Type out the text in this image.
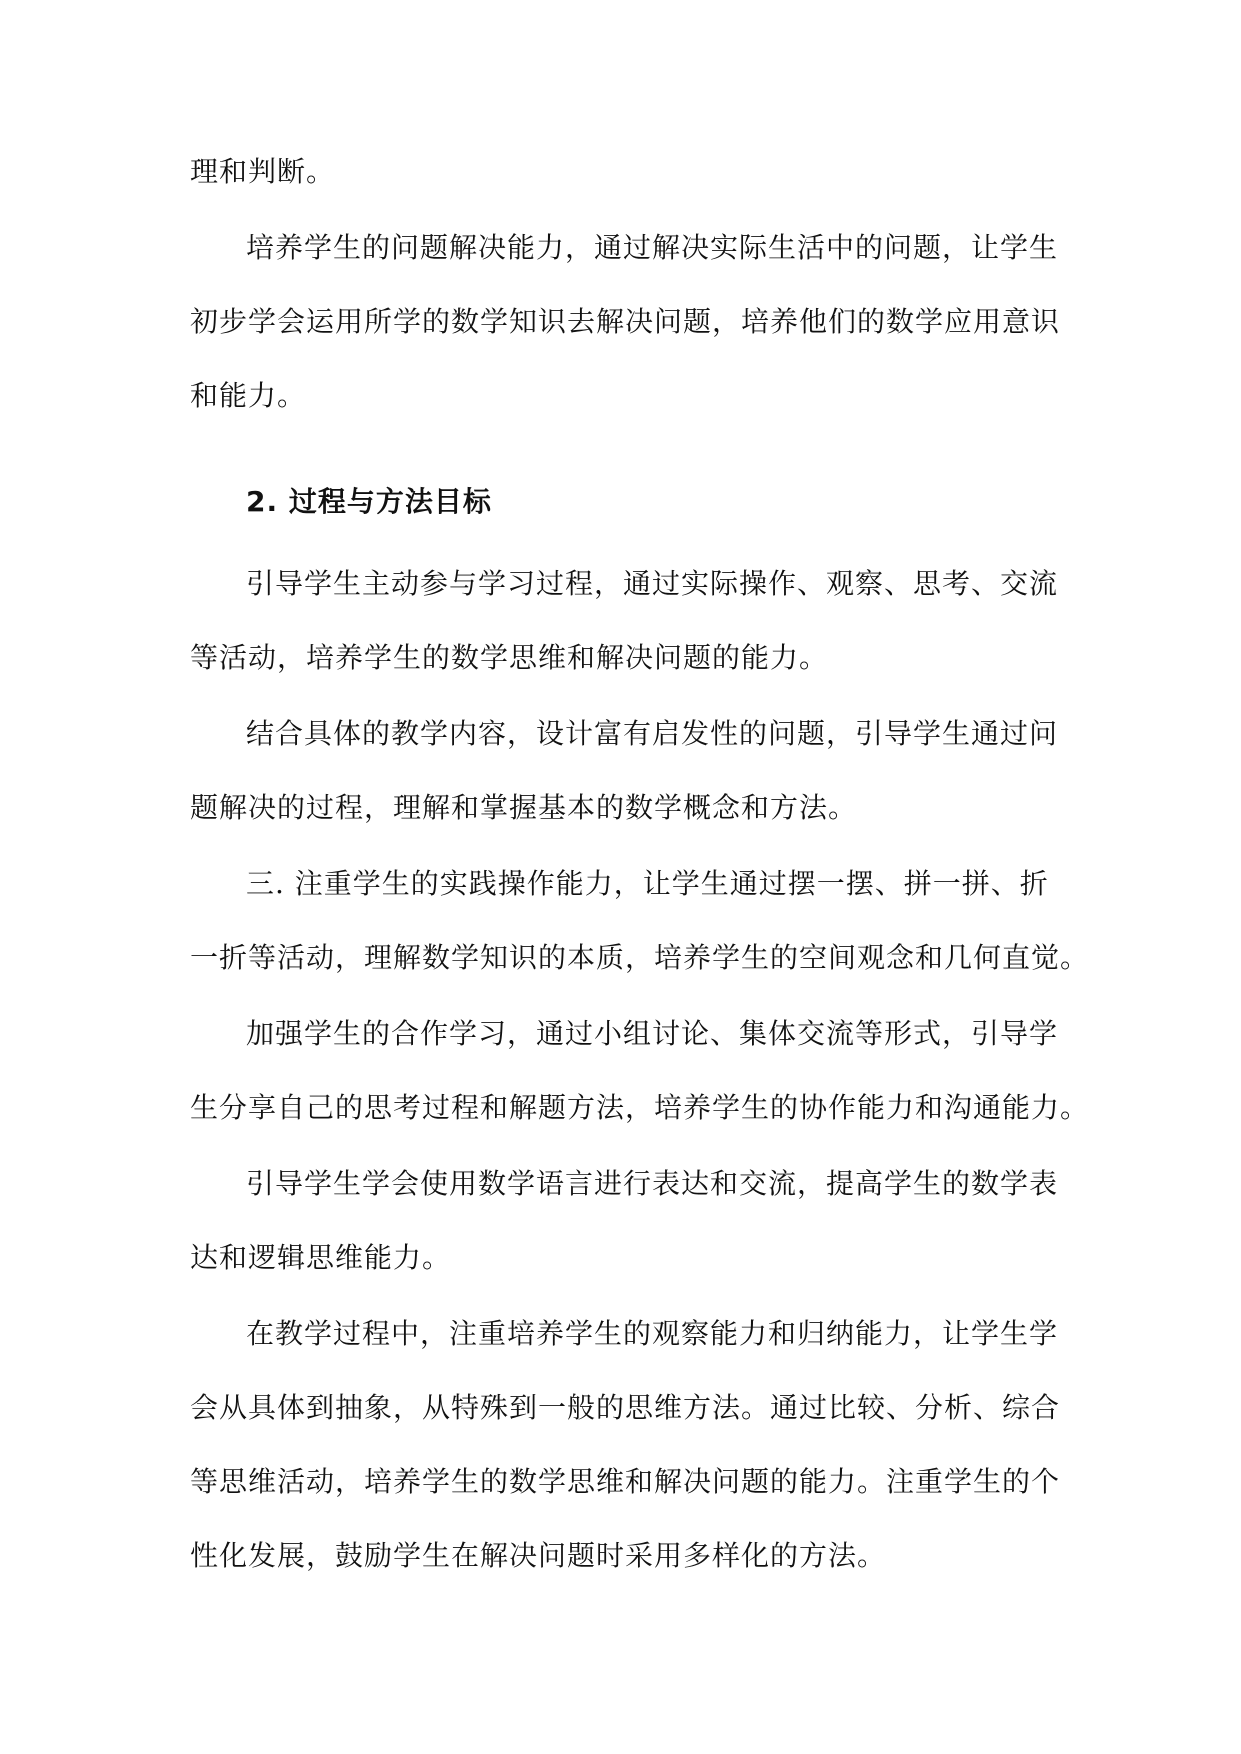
理和判断。
培养学生的问题解决能力，通过解决实际生活中的问题，让学生
初步学会运用所学的数学知识去解决问题，培养他们的数学应用意识
和能力。
2. 过程与方法目标
引导学生主动参与学习过程，通过实际操作、观察、思考、交流
等活动，培养学生的数学思维和解决问题的能力。
结合具体的教学内容，设计富有启发性的问题，引导学生通过问
题解决的过程，理解和掌握基本的数学概念和方法。
三. 注重学生的实践操作能力，让学生通过摆一摆、拼一拼、折
一折等活动，理解数学知识的本质，培养学生的空间观念和几何直觉。
加强学生的合作学习，通过小组讨论、集体交流等形式，引导学
生分享自己的思考过程和解题方法，培养学生的协作能力和沟通能力。
引导学生学会使用数学语言进行表达和交流，提高学生的数学表
达和逻辑思维能力。
在教学过程中，注重培养学生的观察能力和归纳能力，让学生学
会从具体到抽象，从特殊到一般的思维方法。通过比较、分析、综合
等思维活动，培养学生的数学思维和解决问题的能力。注重学生的个
性化发展，鼓励学生在解决问题时采用多样化的方法。
